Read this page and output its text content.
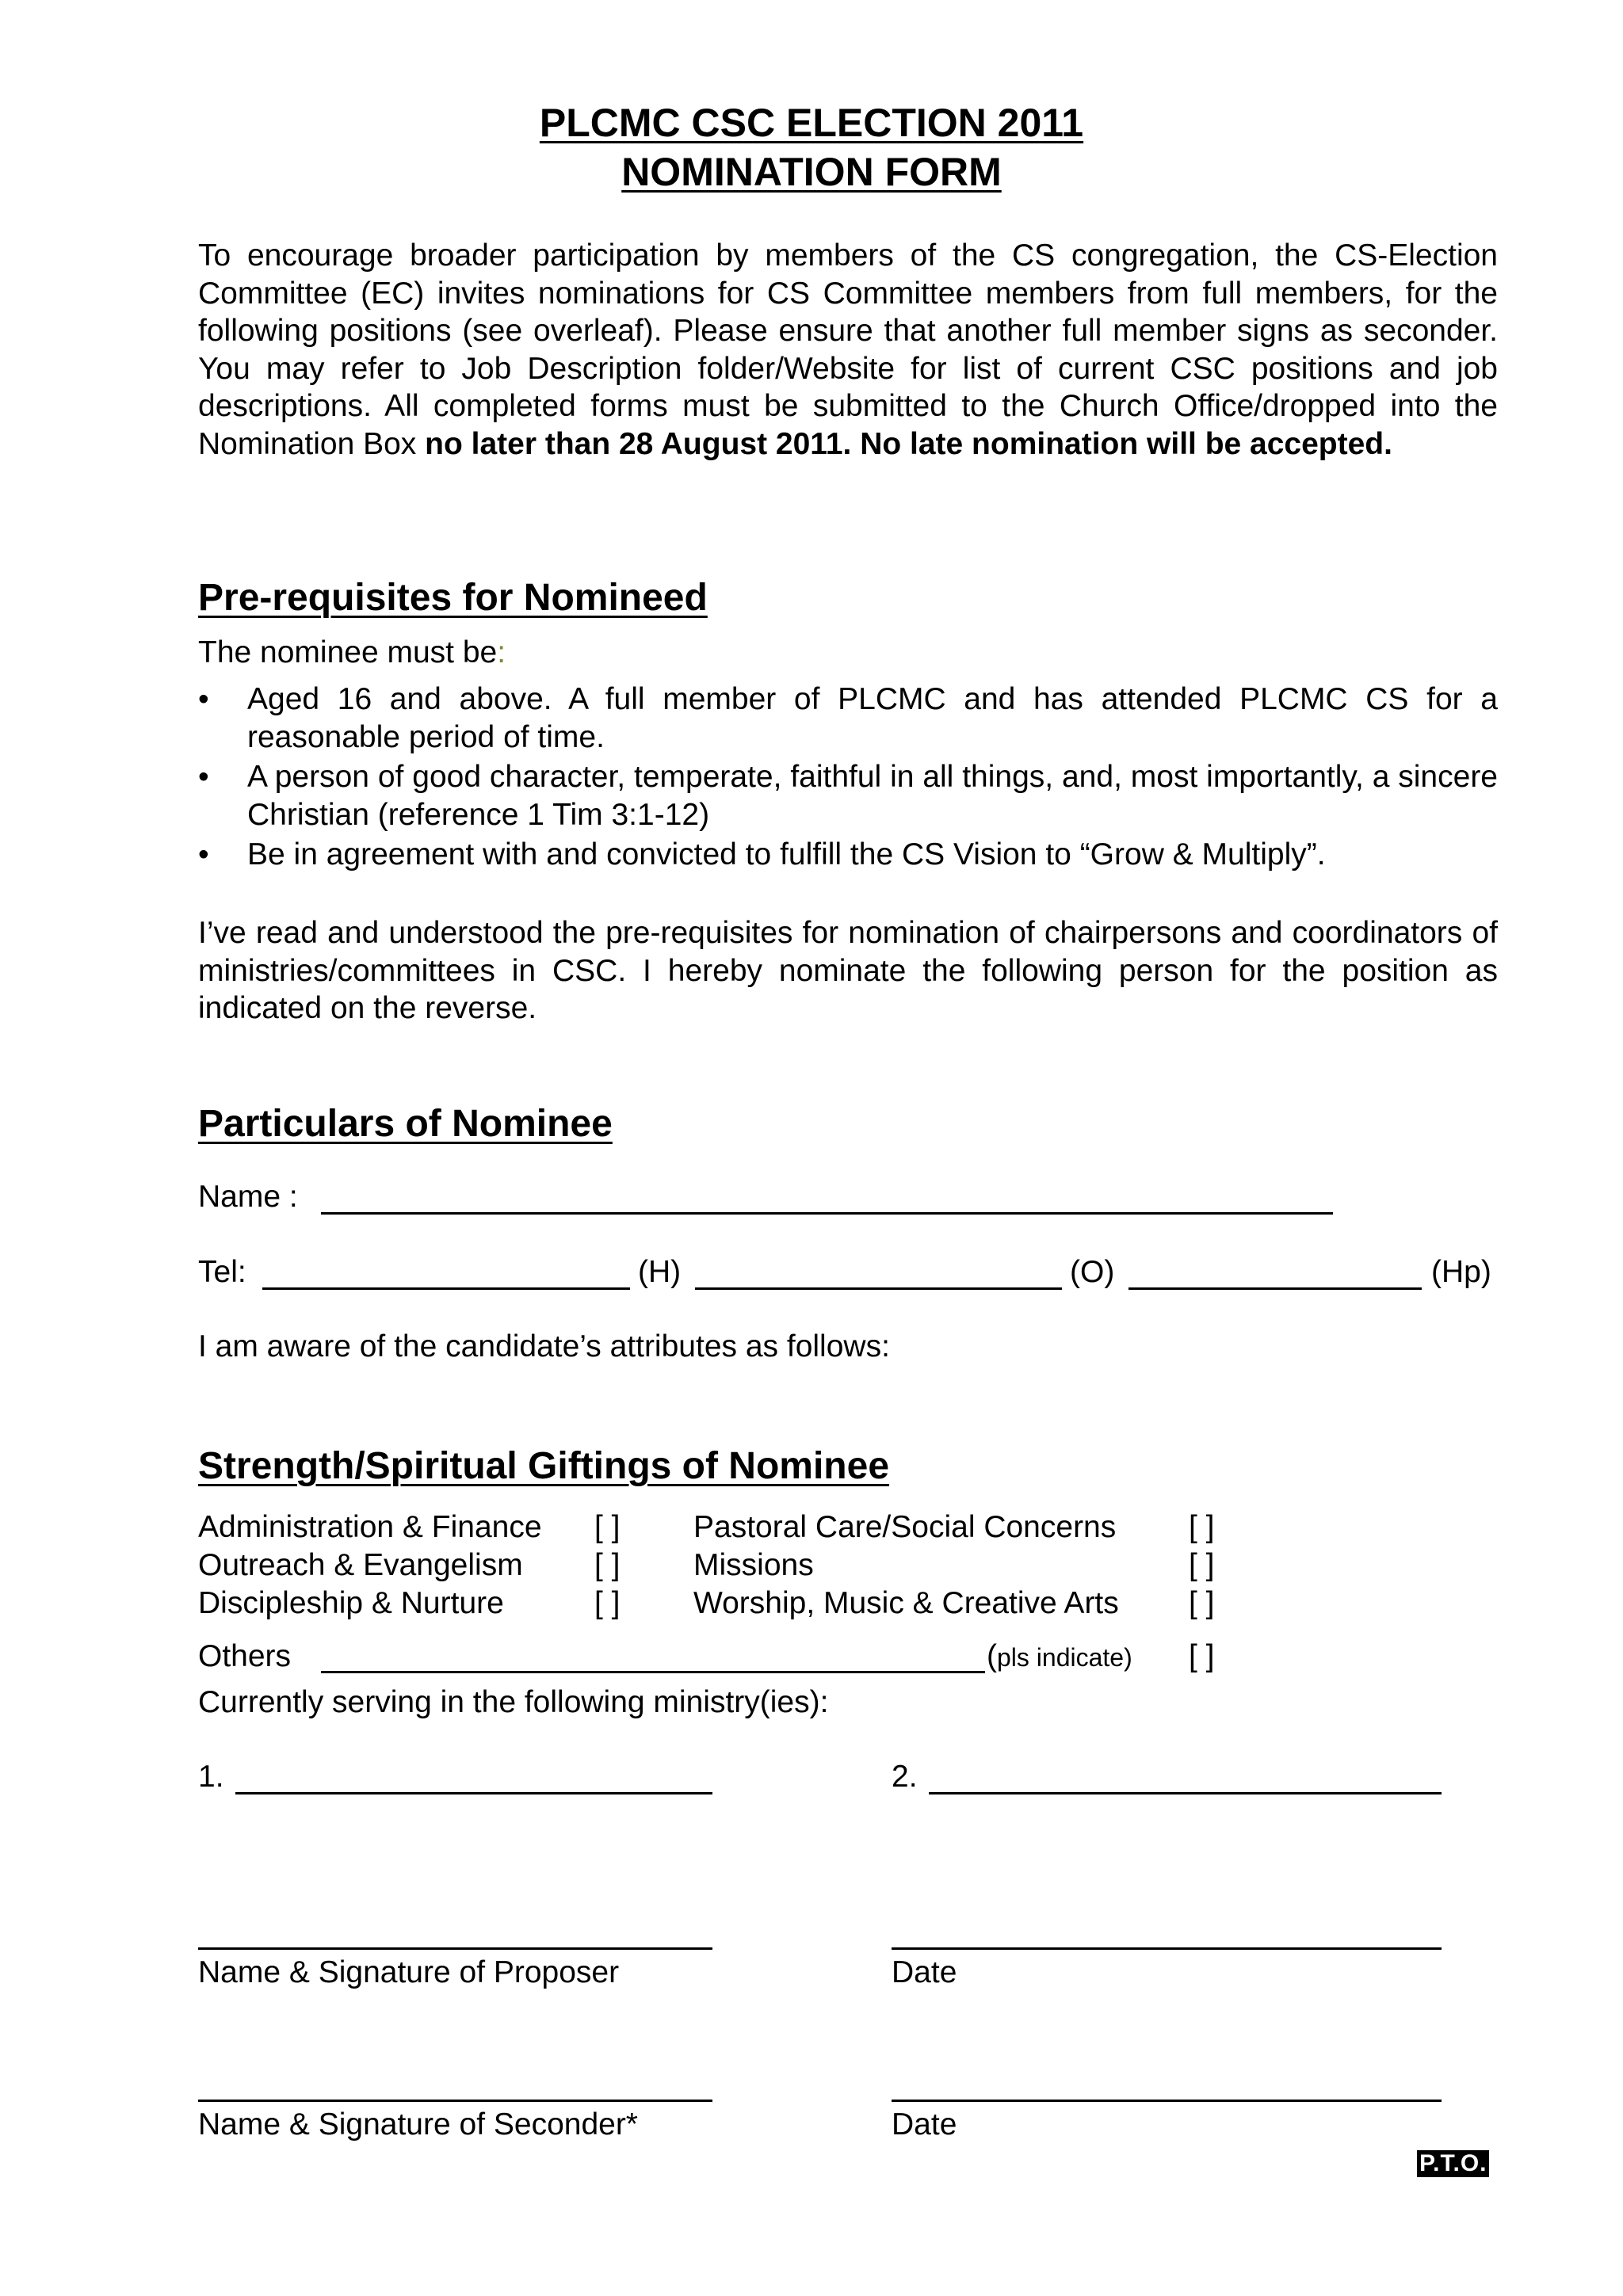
PLCMC CSC ELECTION 2011
NOMINATION FORM
To encourage broader participation by members of the CS congregation, the CS-Election Committee (EC) invites nominations for CS Committee members from full members, for the following positions (see overleaf). Please ensure that another full member signs as seconder. You may refer to Job Description folder/Website for list of current CSC positions and job descriptions. All completed forms must be submitted to the Church Office/dropped into the Nomination Box no later than 28 August 2011. No late nomination will be accepted.
Pre-requisites for Nomineed
The nominee must be:
• Aged 16 and above. A full member of PLCMC and has attended PLCMC CS for a reasonable period of time.
• A person of good character, temperate, faithful in all things, and, most importantly, a sincere Christian (reference 1 Tim 3:1-12)
• Be in agreement with and convicted to fulfill the CS Vision to “Grow & Multiply”.
I’ve read and understood the pre-requisites for nomination of chairpersons and coordinators of ministries/committees in CSC. I hereby nominate the following person for the position as indicated on the reverse.
Particulars of Nominee
Name :
Tel:	(H)	(O)	(Hp)
I am aware of the candidate’s attributes as follows:
Strength/Spiritual Giftings of Nominee
Administration & Finance [ ] Pastoral Care/Social Concerns [ ]
Outreach & Evangelism [ ] Missions	[ ]
Discipleship & Nurture	[ ] Worship, Music & Creative Arts [ ]
Others	(pls indicate) [ ]
Currently serving in the following ministry(ies):
1.	2.
Name & Signature of Proposer	Date
Name & Signature of Seconder*	Date
P.T.O.
